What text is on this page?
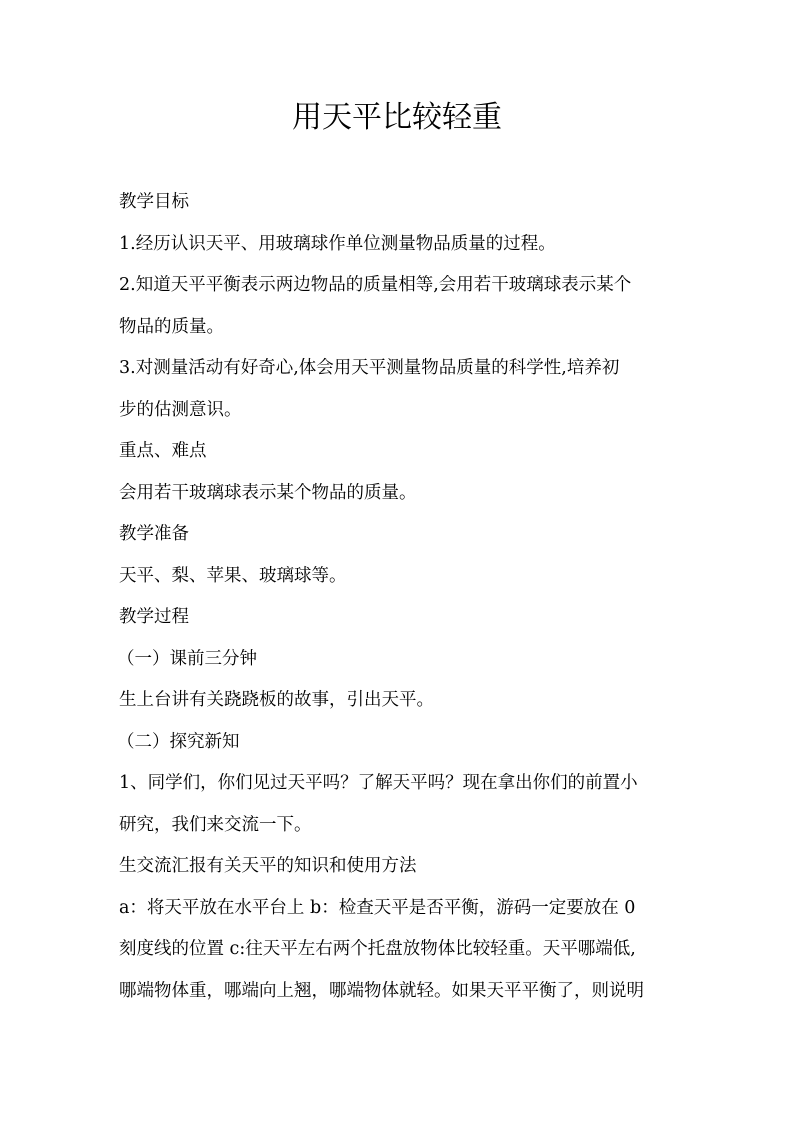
用天平比较轻重
教学目标
1.经历认识天平、用玻璃球作单位测量物品质量的过程。
2.知道天平平衡表示两边物品的质量相等,会用若干玻璃球表示某个
物品的质量。
3.对测量活动有好奇心,体会用天平测量物品质量的科学性,培养初
步的估测意识。
重点、难点
会用若干玻璃球表示某个物品的质量。
教学准备
天平、梨、苹果、玻璃球等。
教学过程
（一）课前三分钟
生上台讲有关跷跷板的故事，引出天平。
（二）探究新知
1、同学们，你们见过天平吗？了解天平吗？现在拿出你们的前置小
研究，我们来交流一下。
生交流汇报有关天平的知识和使用方法
a：将天平放在水平台上 b：检查天平是否平衡，游码一定要放在 0
刻度线的位置 c:往天平左右两个托盘放物体比较轻重。天平哪端低,
哪端物体重，哪端向上翘，哪端物体就轻。如果天平平衡了，则说明
